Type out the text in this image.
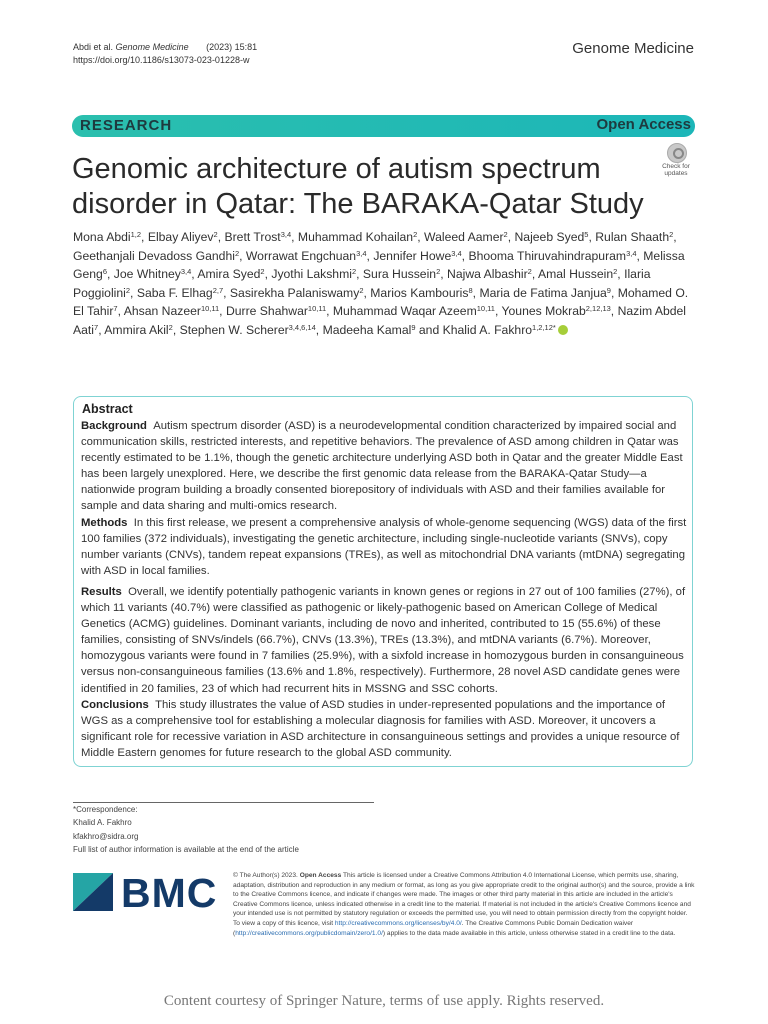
Abdi et al. Genome Medicine (2023) 15:81
https://doi.org/10.1186/s13073-023-01228-w
Genome Medicine
RESEARCH	Open Access
Genomic architecture of autism spectrum disorder in Qatar: The BARAKA-Qatar Study
Check for
updates
Mona Abdi$^{1,2}$, Elbay Aliyev$^2$, Brett Trost$^{3,4}$, Muhammad Kohailan$^2$, Waleed Aamer$^2$, Najeeb Syed$^5$, Rulan Shaath$^2$, Geethanjali Devadoss Gandhi$^2$, Worrawat Engchuan$^{3,4}$, Jennifer Howe$^{3,4}$, Bhooma Thiruvahindrapuram$^{3,4}$, Melissa Geng$^6$, Joe Whitney$^{3,4}$, Amira Syed$^2$, Jyothi Lakshmi$^2$, Sura Hussein$^2$, Najwa Albashir$^2$, Amal Hussein$^2$, Ilaria Poggiolini$^2$, Saba F. Elhag$^{2,7}$, Sasirekha Palaniswamy$^2$, Marios Kambouris$^8$, Maria de Fatima Janjua$^9$, Mohamed O. El Tahir$^7$, Ahsan Nazeer$^{10,11}$, Durre Shahwar$^{10,11}$, Muhammad Waqar Azeem$^{10,11}$, Younes Mokrab$^{2,12,13}$, Nazim Abdel Aati$^7$, Ammira Akil$^2$, Stephen W. Scherer$^{3,4,6,14}$, Madeeha Kamal$^9$ and Khalid A. Fakhro$^{1,2,12*}$
Abstract

Background Autism spectrum disorder (ASD) is a neurodevelopmental condition characterized by impaired social and communication skills, restricted interests, and repetitive behaviors. The prevalence of ASD among children in Qatar was recently estimated to be 1.1%, though the genetic architecture underlying ASD both in Qatar and the greater Middle East has been largely unexplored. Here, we describe the first genomic data release from the BARAKA-Qatar Study—a nationwide program building a broadly consented biorepository of individuals with ASD and their families available for sample and data sharing and multi-omics research.

Methods In this first release, we present a comprehensive analysis of whole-genome sequencing (WGS) data of the first 100 families (372 individuals), investigating the genetic architecture, including single-nucleotide variants (SNVs), copy number variants (CNVs), tandem repeat expansions (TREs), as well as mitochondrial DNA variants (mtDNA) segregating with ASD in local families.

Results Overall, we identify potentially pathogenic variants in known genes or regions in 27 out of 100 families (27%), of which 11 variants (40.7%) were classified as pathogenic or likely-pathogenic based on American College of Medical Genetics (ACMG) guidelines. Dominant variants, including de novo and inherited, contributed to 15 (55.6%) of these families, consisting of SNVs/indels (66.7%), CNVs (13.3%), TREs (13.3%), and mtDNA variants (6.7%). Moreover, homozygous variants were found in 7 families (25.9%), with a sixfold increase in homozygous burden in consanguineous versus non-consanguineous families (13.6% and 1.8%, respectively). Furthermore, 28 novel ASD candidate genes were identified in 20 families, 23 of which had recurrent hits in MSSNG and SSC cohorts.

Conclusions This study illustrates the value of ASD studies in under-represented populations and the importance of WGS as a comprehensive tool for establishing a molecular diagnosis for families with ASD. Moreover, it uncovers a significant role for recessive variation in ASD architecture in consanguineous settings and provides a unique resource of Middle Eastern genomes for future research to the global ASD community.

*Correspondence:
Khalid A. Fakhro
kfakhro@sidra.org
Full list of author information is available at the end of the article
BMC © The Author(s) 2023. Open Access This article is licensed under a Creative Commons Attribution 4.0 International License, which permits use, sharing, adaptation, distribution and reproduction in any medium or format, as long as you give appropriate credit to the original author(s) and the source, provide a link to the Creative Commons licence, and indicate if changes were made. The images or other third party material in this article are included in the article's Creative Commons licence, unless indicated otherwise in a credit line to the material. If material is not included in the article's Creative Commons licence and your intended use is not permitted by statutory regulation or exceeds the permitted use, you will need to obtain permission directly from the copyright holder. To view a copy of this licence, visit http://creativecommons.org/licenses/by/4.0/. The Creative Commons Public Domain Dedication waiver (http://creativecommons.org/publicdomain/zero/1.0/) applies to the data made available in this article, unless otherwise stated in a credit line to the data.
Content courtesy of Springer Nature, terms of use apply. Rights reserved.
